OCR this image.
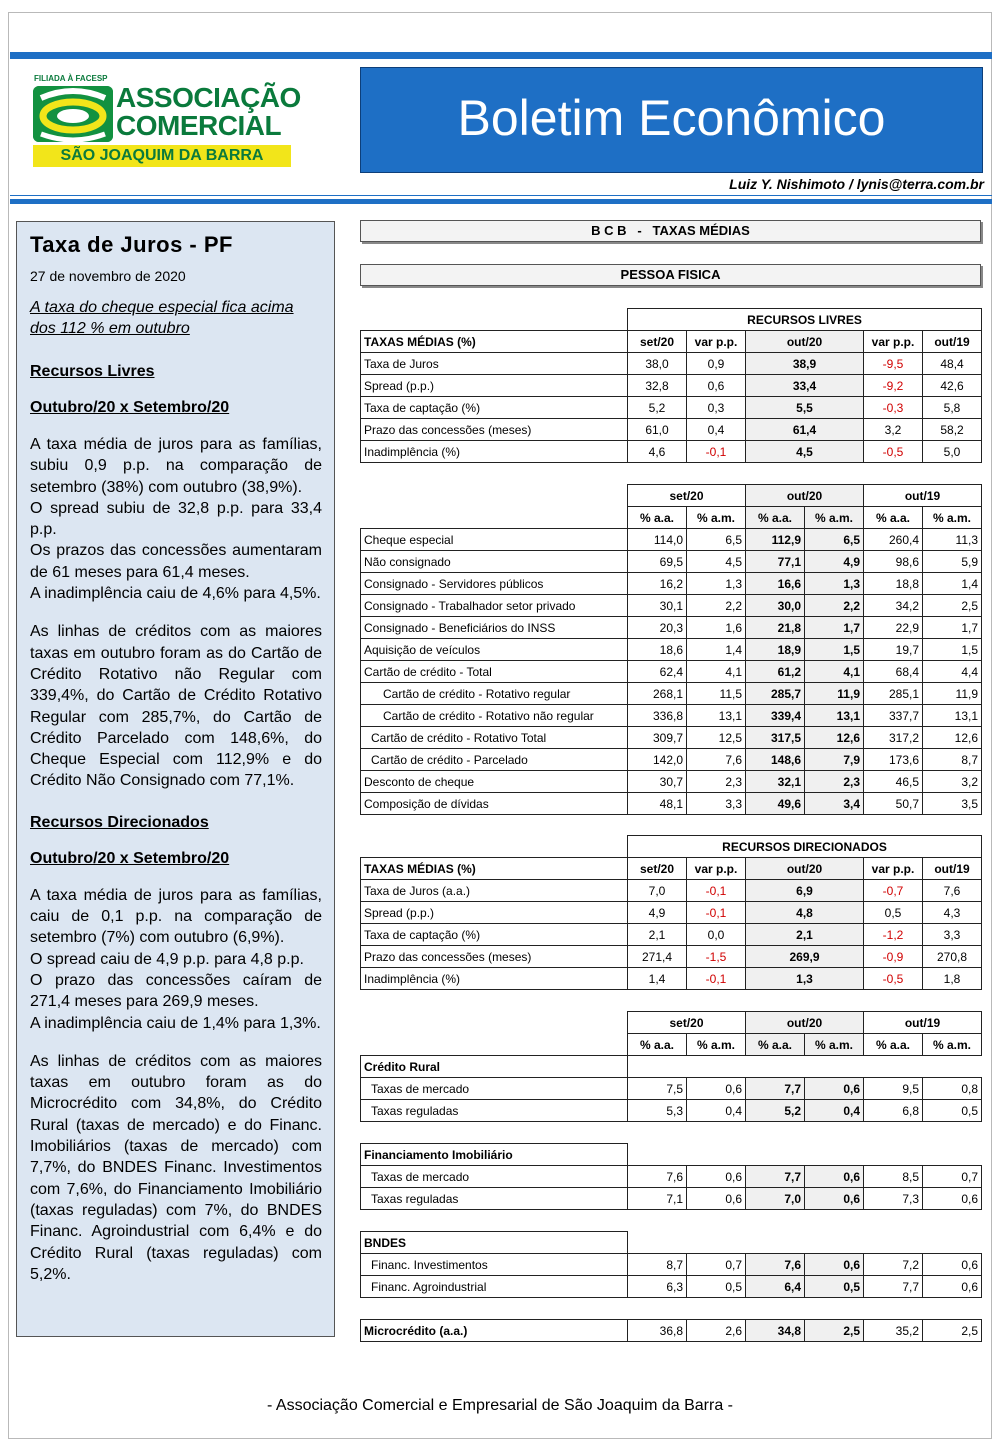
FILIADA À FACESP
ASSOCIAÇÃO
COMERCIAL
SÃO JOAQUIM DA BARRA
Boletim Econômico
Luiz Y. Nishimoto / lynis@terra.com.br
Taxa de Juros - PF
27 de novembro de 2020
A taxa do cheque especial fica acima dos 112 % em outubro
Recursos Livres
Outubro/20 x Setembro/20
A taxa média de juros para as famílias, subiu 0,9 p.p. na comparação de setembro (38%) com outubro (38,9%).
O spread subiu de 32,8 p.p. para 33,4 p.p.
Os prazos das concessões aumentaram de 61 meses para 61,4 meses.
A inadimplência caiu de 4,6% para 4,5%.
As linhas de créditos com as maiores taxas em outubro foram as do Cartão de Crédito Rotativo não Regular com 339,4%, do Cartão de Crédito Rotativo Regular com 285,7%, do Cartão de Crédito Parcelado com 148,6%, do Cheque Especial com 112,9% e do Crédito Não Consignado com 77,1%.
Recursos Direcionados
Outubro/20 x Setembro/20
A taxa média de juros para as famílias, caiu de 0,1 p.p. na comparação de setembro (7%) com outubro (6,9%).
O spread caiu de 4,9 p.p. para 4,8 p.p.
O prazo das concessões caíram de 271,4 meses para 269,9 meses.
A inadimplência caiu de 1,4% para 1,3%.
As linhas de créditos com as maiores taxas em outubro foram as do Microcrédito com 34,8%, do Crédito Rural (taxas de mercado) e do Financ. Imobiliários (taxas de mercado) com 7,7%, do BNDES Financ. Investimentos com 7,6%, do Financiamento Imobiliário (taxas reguladas) com 7%, do BNDES Financ. Agroindustrial com 6,4% e do Crédito Rural (taxas reguladas) com 5,2%.
B C B   -   TAXAS MÉDIAS
PESSOA FISICA
	RECURSOS LIVRES				
TAXAS MÉDIAS (%)	set/20	var p.p.	out/20	var p.p.	out/19
Taxa de Juros	38,0	0,9	38,9	-9,5	48,4
Spread (p.p.)	32,8	0,6	33,4	-9,2	42,6
Taxa de captação (%)	5,2	0,3	5,5	-0,3	5,8
Prazo das concessões (meses)	61,0	0,4	61,4	3,2	58,2
Inadimplência (%)	4,6	-0,1	4,5	-0,5	5,0
	set/20		out/20		out/19	
	% a.a.	% a.m.	% a.a.	% a.m.	% a.a.	% a.m.
Cheque especial	114,0	6,5	112,9	6,5	260,4	11,3
Não consignado	69,5	4,5	77,1	4,9	98,6	5,9
Consignado - Servidores públicos	16,2	1,3	16,6	1,3	18,8	1,4
Consignado - Trabalhador setor privado	30,1	2,2	30,0	2,2	34,2	2,5
Consignado - Beneficiários do INSS	20,3	1,6	21,8	1,7	22,9	1,7
Aquisição de veículos	18,6	1,4	18,9	1,5	19,7	1,5
Cartão de crédito - Total	62,4	4,1	61,2	4,1	68,4	4,4
Cartão de crédito - Rotativo regular	268,1	11,5	285,7	11,9	285,1	11,9
Cartão de crédito - Rotativo não regular	336,8	13,1	339,4	13,1	337,7	13,1
Cartão de crédito - Rotativo Total	309,7	12,5	317,5	12,6	317,2	12,6
Cartão de crédito - Parcelado	142,0	7,6	148,6	7,9	173,6	8,7
Desconto de cheque	30,7	2,3	32,1	2,3	46,5	3,2
Composição de dívidas	48,1	3,3	49,6	3,4	50,7	3,5
	RECURSOS DIRECIONADOS				
TAXAS MÉDIAS (%)	set/20	var p.p.	out/20	var p.p.	out/19
Taxa de Juros (a.a.)	7,0	-0,1	6,9	-0,7	7,6
Spread (p.p.)	4,9	-0,1	4,8	0,5	4,3
Taxa de captação (%)	2,1	0,0	2,1	-1,2	3,3
Prazo das concessões (meses)	271,4	-1,5	269,9	-0,9	270,8
Inadimplência (%)	1,4	-0,1	1,3	-0,5	1,8
	set/20		out/20		out/19	
	% a.a.	% a.m.	% a.a.	% a.m.	% a.a.	% a.m.
Crédito Rural						
Taxas de mercado	7,5	0,6	7,7	0,6	9,5	0,8
Taxas reguladas	5,3	0,4	5,2	0,4	6,8	0,5

Financiamento Imobiliário						
Taxas de mercado	7,6	0,6	7,7	0,6	8,5	0,7
Taxas reguladas	7,1	0,6	7,0	0,6	7,3	0,6

BNDES						
Financ. Investimentos	8,7	0,7	7,6	0,6	7,2	0,6
Financ. Agroindustrial	6,3	0,5	6,4	0,5	7,7	0,6

Microcrédito (a.a.)	36,8	2,6	34,8	2,5	35,2	2,5
- Associação Comercial e Empresarial de São Joaquim da Barra -
